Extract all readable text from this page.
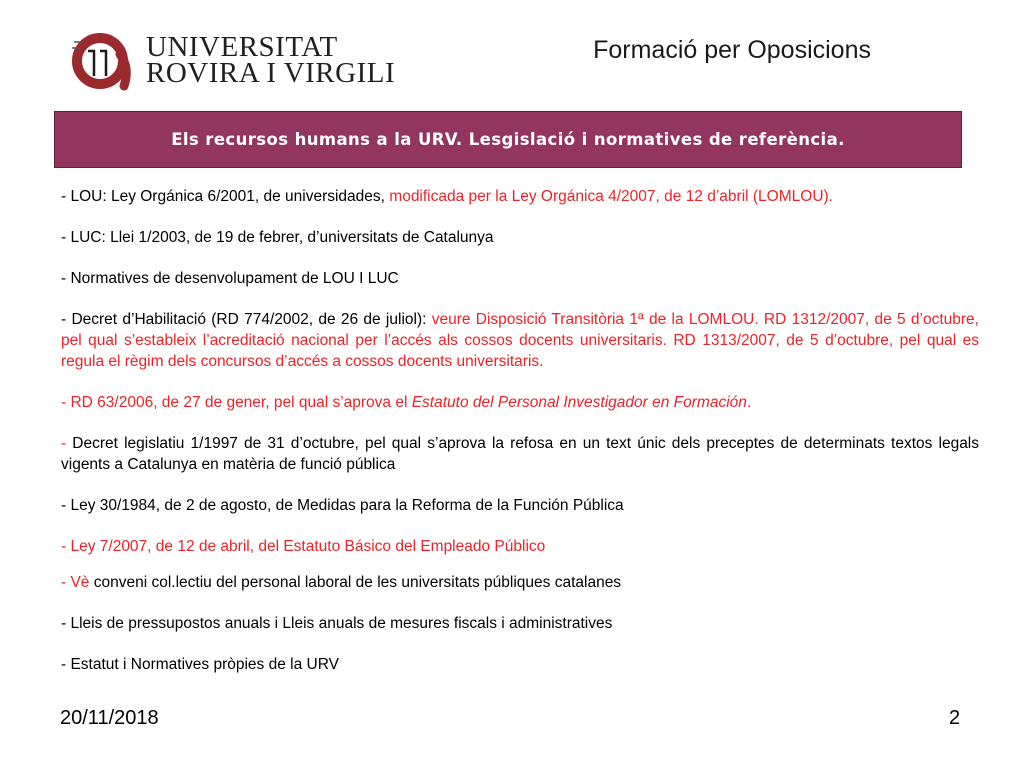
UNIVERSITAT
ROVIRA I VIRGILI
Formació per Oposicions
Els recursos humans a la URV. Lesgislació i normatives de referència.

- LOU: Ley Orgánica 6/2001, de universidades, modificada per la Ley Orgánica 4/2007, de 12 d’abril (LOMLOU).

- LUC: Llei 1/2003, de 19 de febrer, d’universitats de Catalunya

- Normatives de desenvolupament de LOU I LUC

- Decret d’Habilitació (RD 774/2002, de 26 de juliol): veure Disposició Transitòria 1ª de la LOMLOU. RD 1312/2007, de 5 d’octubre, pel qual s’estableix l’acreditació nacional per l’accés als cossos docents universitaris. RD 1313/2007, de 5 d’octubre, pel qual es regula el règim dels concursos d’accés a cossos docents universitaris.

- RD 63/2006, de 27 de gener, pel qual s’aprova el Estatuto del Personal Investigador en Formación.

- Decret legislatiu 1/1997 de 31 d’octubre, pel qual s’aprova la refosa en un text únic dels preceptes de determinats textos legals vigents a Catalunya en matèria de funció pública

- Ley 30/1984, de 2 de agosto, de Medidas para la Reforma de la Función Pública

- Ley 7/2007, de 12 de abril, del Estatuto Básico del Empleado Público

- Vè conveni col.lectiu del personal laboral de les universitats públiques catalanes

- Lleis de pressupostos anuals i Lleis anuals de mesures fiscals i administratives

- Estatut i Normatives pròpies de la URV

20/11/2018	2
